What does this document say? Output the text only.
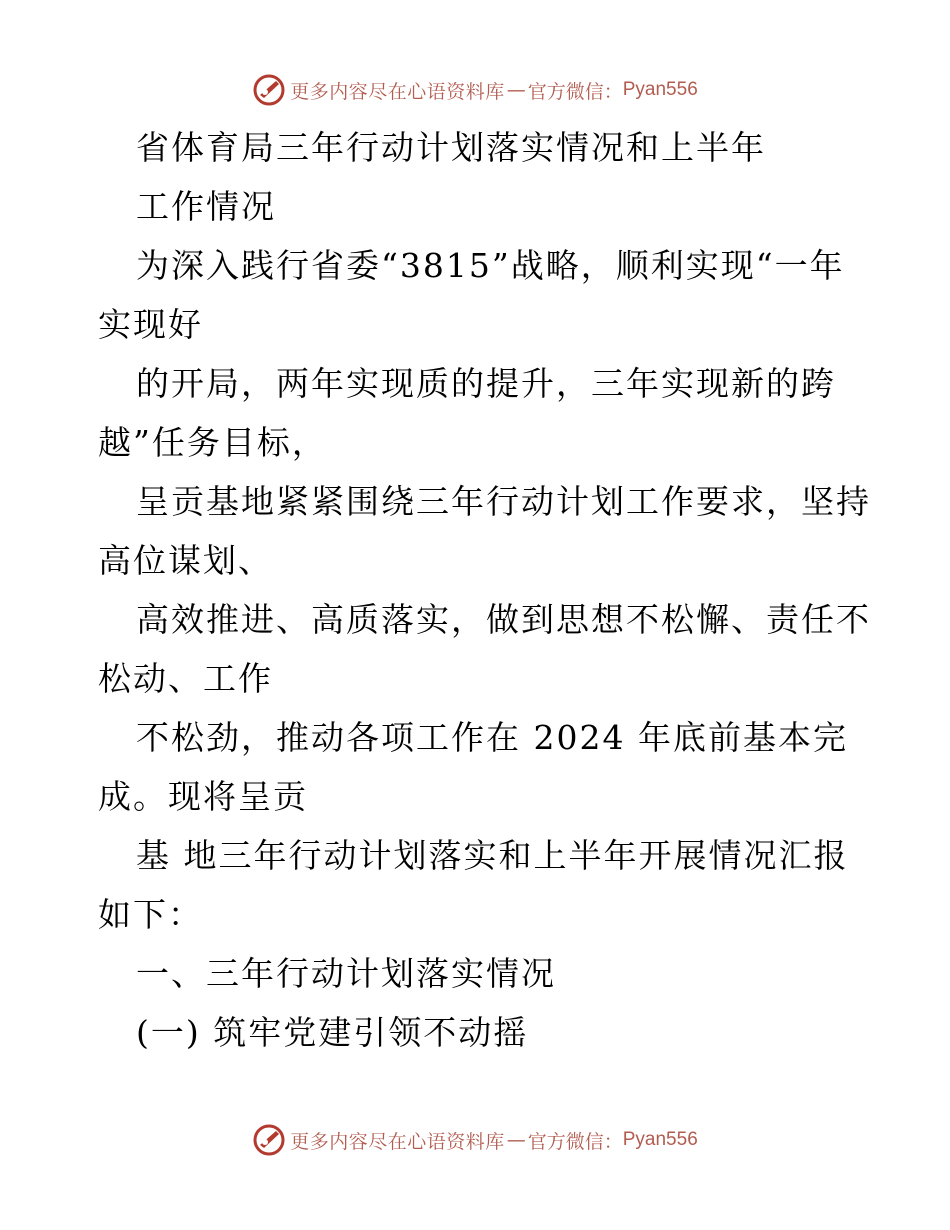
更多内容尽在心语资料库 — 官方微信： Pyan556
省体育局三年行动计划落实情况和上半年
工作情况
为深入践行省委“3815”战略，顺利实现“一年
实现好
的开局，两年实现质的提升，三年实现新的跨
越”任务目标，
呈贡基地紧紧围绕三年行动计划工作要求，坚持
高位谋划、
高效推进、高质落实，做到思想不松懈、责任不
松动、工作
不松劲，推动各项工作在 2024 年底前基本完
成。现将呈贡
基 地三年行动计划落实和上半年开展情况汇报
如下：
一、三年行动计划落实情况
(一) 筑牢党建引领不动摇
更多内容尽在心语资料库 — 官方微信： Pyan556
